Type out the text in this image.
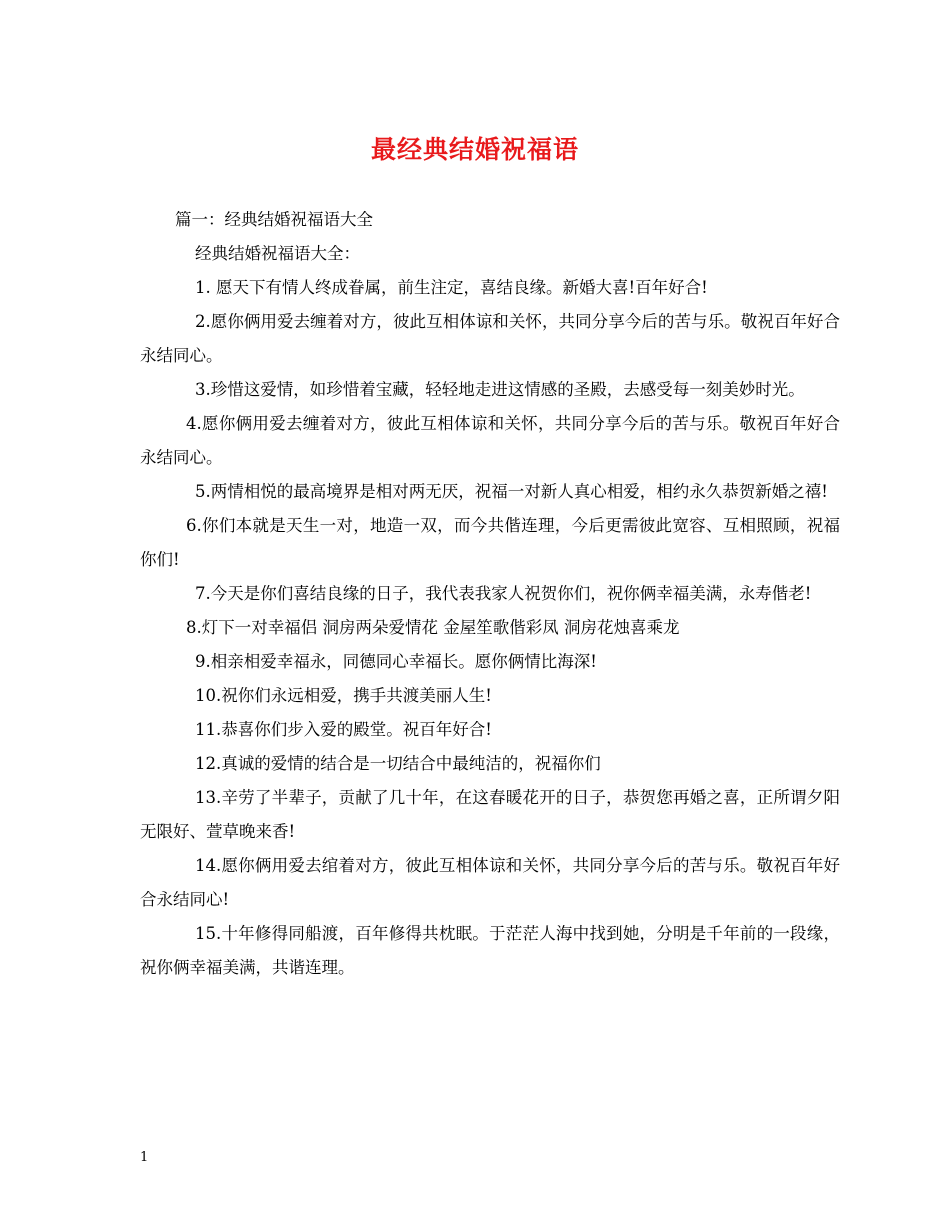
最经典结婚祝福语

篇一：经典结婚祝福语大全

经典结婚祝福语大全：

1. 愿天下有情人终成眷属，前生注定，喜结良缘。新婚大喜!百年好合!

2.愿你俩用爱去缠着对方，彼此互相体谅和关怀，共同分享今后的苦与乐。敬祝百年好合永结同心。

3.珍惜这爱情，如珍惜着宝藏，轻轻地走进这情感的圣殿，去感受每一刻美妙时光。

4.愿你俩用爱去缠着对方，彼此互相体谅和关怀，共同分享今后的苦与乐。敬祝百年好合永结同心。

5.两情相悦的最高境界是相对两无厌，祝福一对新人真心相爱，相约永久恭贺新婚之禧!

6.你们本就是天生一对，地造一双，而今共偕连理，今后更需彼此宽容、互相照顾，祝福你们!

7.今天是你们喜结良缘的日子，我代表我家人祝贺你们，祝你俩幸福美满，永寿偕老!

8.灯下一对幸福侣 洞房两朵爱情花 金屋笙歌偕彩凤 洞房花烛喜乘龙

9.相亲相爱幸福永，同德同心幸福长。愿你俩情比海深!

10.祝你们永远相爱，携手共渡美丽人生!

11.恭喜你们步入爱的殿堂。祝百年好合!

12.真诚的爱情的结合是一切结合中最纯洁的，祝福你们

13.辛劳了半辈子，贡献了几十年，在这春暖花开的日子，恭贺您再婚之喜，正所谓夕阳无限好、萱草晚来香!

14.愿你俩用爱去绾着对方，彼此互相体谅和关怀，共同分享今后的苦与乐。敬祝百年好合永结同心!

15.十年修得同船渡，百年修得共枕眠。于茫茫人海中找到她，分明是千年前的一段缘，祝你俩幸福美满，共谐连理。

1
